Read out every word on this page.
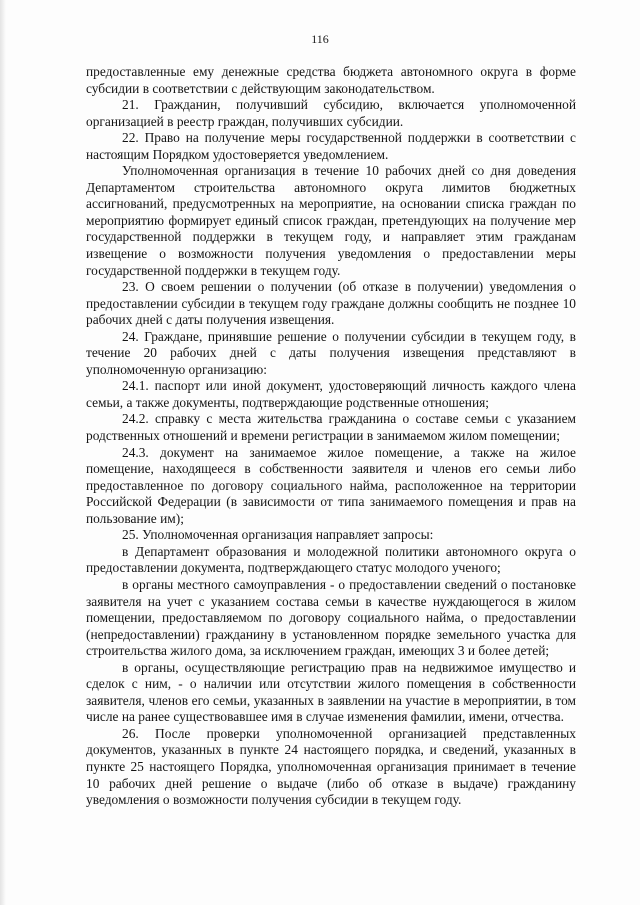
116

предоставленные ему денежные средства бюджета автономного округа в форме субсидии в соответствии с действующим законодательством.

21. Гражданин, получивший субсидию, включается уполномоченной организацией в реестр граждан, получивших субсидии.

22. Право на получение меры государственной поддержки в соответствии с настоящим Порядком удостоверяется уведомлением.

Уполномоченная организация в течение 10 рабочих дней со дня доведения Департаментом строительства автономного округа лимитов бюджетных ассигнований, предусмотренных на мероприятие, на основании списка граждан по мероприятию формирует единый список граждан, претендующих на получение мер государственной поддержки в текущем году, и направляет этим гражданам извещение о возможности получения уведомления о предоставлении меры государственной поддержки в текущем году.

23. О своем решении о получении (об отказе в получении) уведомления о предоставлении субсидии в текущем году граждане должны сообщить не позднее 10 рабочих дней с даты получения извещения.

24. Граждане, принявшие решение о получении субсидии в текущем году, в течение 20 рабочих дней с даты получения извещения представляют в уполномоченную организацию:

24.1. паспорт или иной документ, удостоверяющий личность каждого члена семьи, а также документы, подтверждающие родственные отношения;

24.2. справку с места жительства гражданина о составе семьи с указанием родственных отношений и времени регистрации в занимаемом жилом помещении;

24.3. документ на занимаемое жилое помещение, а также на жилое помещение, находящееся в собственности заявителя и членов его семьи либо предоставленное по договору социального найма, расположенное на территории Российской Федерации (в зависимости от типа занимаемого помещения и прав на пользование им);

25. Уполномоченная организация направляет запросы:

в Департамент образования и молодежной политики автономного округа о предоставлении документа, подтверждающего статус молодого ученого;

в органы местного самоуправления - о предоставлении сведений о постановке заявителя на учет с указанием состава семьи в качестве нуждающегося в жилом помещении, предоставляемом по договору социального найма, о предоставлении (непредоставлении) гражданину в установленном порядке земельного участка для строительства жилого дома, за исключением граждан, имеющих 3 и более детей;

в органы, осуществляющие регистрацию прав на недвижимое имущество и сделок с ним, - о наличии или отсутствии жилого помещения в собственности заявителя, членов его семьи, указанных в заявлении на участие в мероприятии, в том числе на ранее существовавшее имя в случае изменения фамилии, имени, отчества.

26. После проверки уполномоченной организацией представленных документов, указанных в пункте 24 настоящего порядка, и сведений, указанных в пункте 25 настоящего Порядка, уполномоченная организация принимает в течение 10 рабочих дней решение о выдаче (либо об отказе в выдаче) гражданину уведомления о возможности получения субсидии в текущем году.
